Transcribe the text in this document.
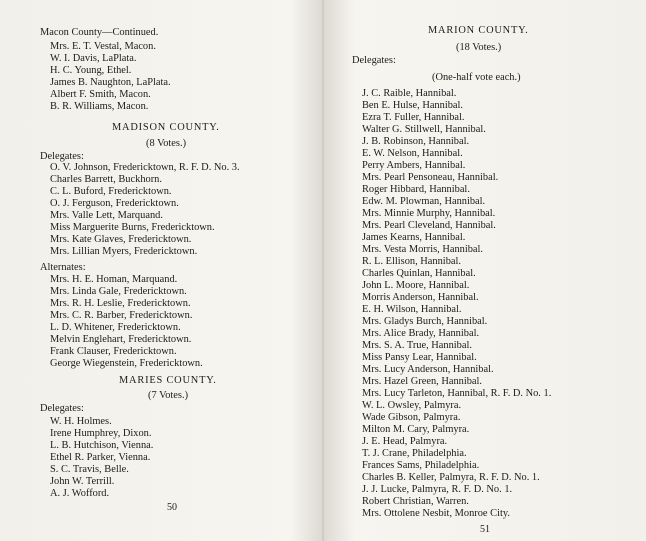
Macon County—Continued.
Mrs. E. T. Vestal, Macon.
W. I. Davis, LaPlata.
H. C. Young, Ethel.
James B. Naughton, LaPlata.
Albert F. Smith, Macon.
B. R. Williams, Macon.
MADISON COUNTY.
(8 Votes.)
Delegates:
O. V. Johnson, Fredericktown, R. F. D. No. 3.
Charles Barrett, Buckhorn.
C. L. Buford, Fredericktown.
O. J. Ferguson, Fredericktown.
Mrs. Valle Lett, Marquand.
Miss Marguerite Burns, Fredericktown.
Mrs. Kate Glaves, Fredericktown.
Mrs. Lillian Myers, Fredericktown.
Alternates:
Mrs. H. E. Homan, Marquand.
Mrs. Linda Gale, Fredericktown.
Mrs. R. H. Leslie, Fredericktown.
Mrs. C. R. Barber, Fredericktown.
L. D. Whitener, Fredericktown.
Melvin Englehart, Fredericktown.
Frank Clauser, Fredericktown.
George Wiegenstein, Fredericktown.
MARIES COUNTY.
(7 Votes.)
Delegates:
W. H. Holmes.
Irene Humphrey, Dixon.
L. B. Hutchison, Vienna.
Ethel R. Parker, Vienna.
S. C. Travis, Belle.
John W. Terrill.
A. J. Wofford.
50
MARION COUNTY.
(18 Votes.)
Delegates:
(One-half vote each.)
J. C. Raible, Hannibal.
Ben E. Hulse, Hannibal.
Ezra T. Fuller, Hannibal.
Walter G. Stillwell, Hannibal.
J. B. Robinson, Hannibal.
E. W. Nelson, Hannibal.
Perry Ambers, Hannibal.
Mrs. Pearl Pensoneau, Hannibal.
Roger Hibbard, Hannibal.
Edw. M. Plowman, Hannibal.
Mrs. Minnie Murphy, Hannibal.
Mrs. Pearl Cleveland, Hannibal.
James Kearns, Hannibal.
Mrs. Vesta Morris, Hannibal.
R. L. Ellison, Hannibal.
Charles Quinlan, Hannibal.
John L. Moore, Hannibal.
Morris Anderson, Hannibal.
E. H. Wilson, Hannibal.
Mrs. Gladys Burch, Hannibal.
Mrs. Alice Brady, Hannibal.
Mrs. S. A. True, Hannibal.
Miss Pansy Lear, Hannibal.
Mrs. Lucy Anderson, Hannibal.
Mrs. Hazel Green, Hannibal.
Mrs. Lucy Tarleton, Hannibal, R. F. D. No. 1.
W. L. Owsley, Palmyra.
Wade Gibson, Palmyra.
Milton M. Cary, Palmyra.
J. E. Head, Palmyra.
T. J. Crane, Philadelphia.
Frances Sams, Philadelphia.
Charles B. Keller, Palmyra, R. F. D. No. 1.
J. J. Lucke, Palmyra, R. F. D. No. 1.
Robert Christian, Warren.
Mrs. Ottolene Nesbit, Monroe City.
51
